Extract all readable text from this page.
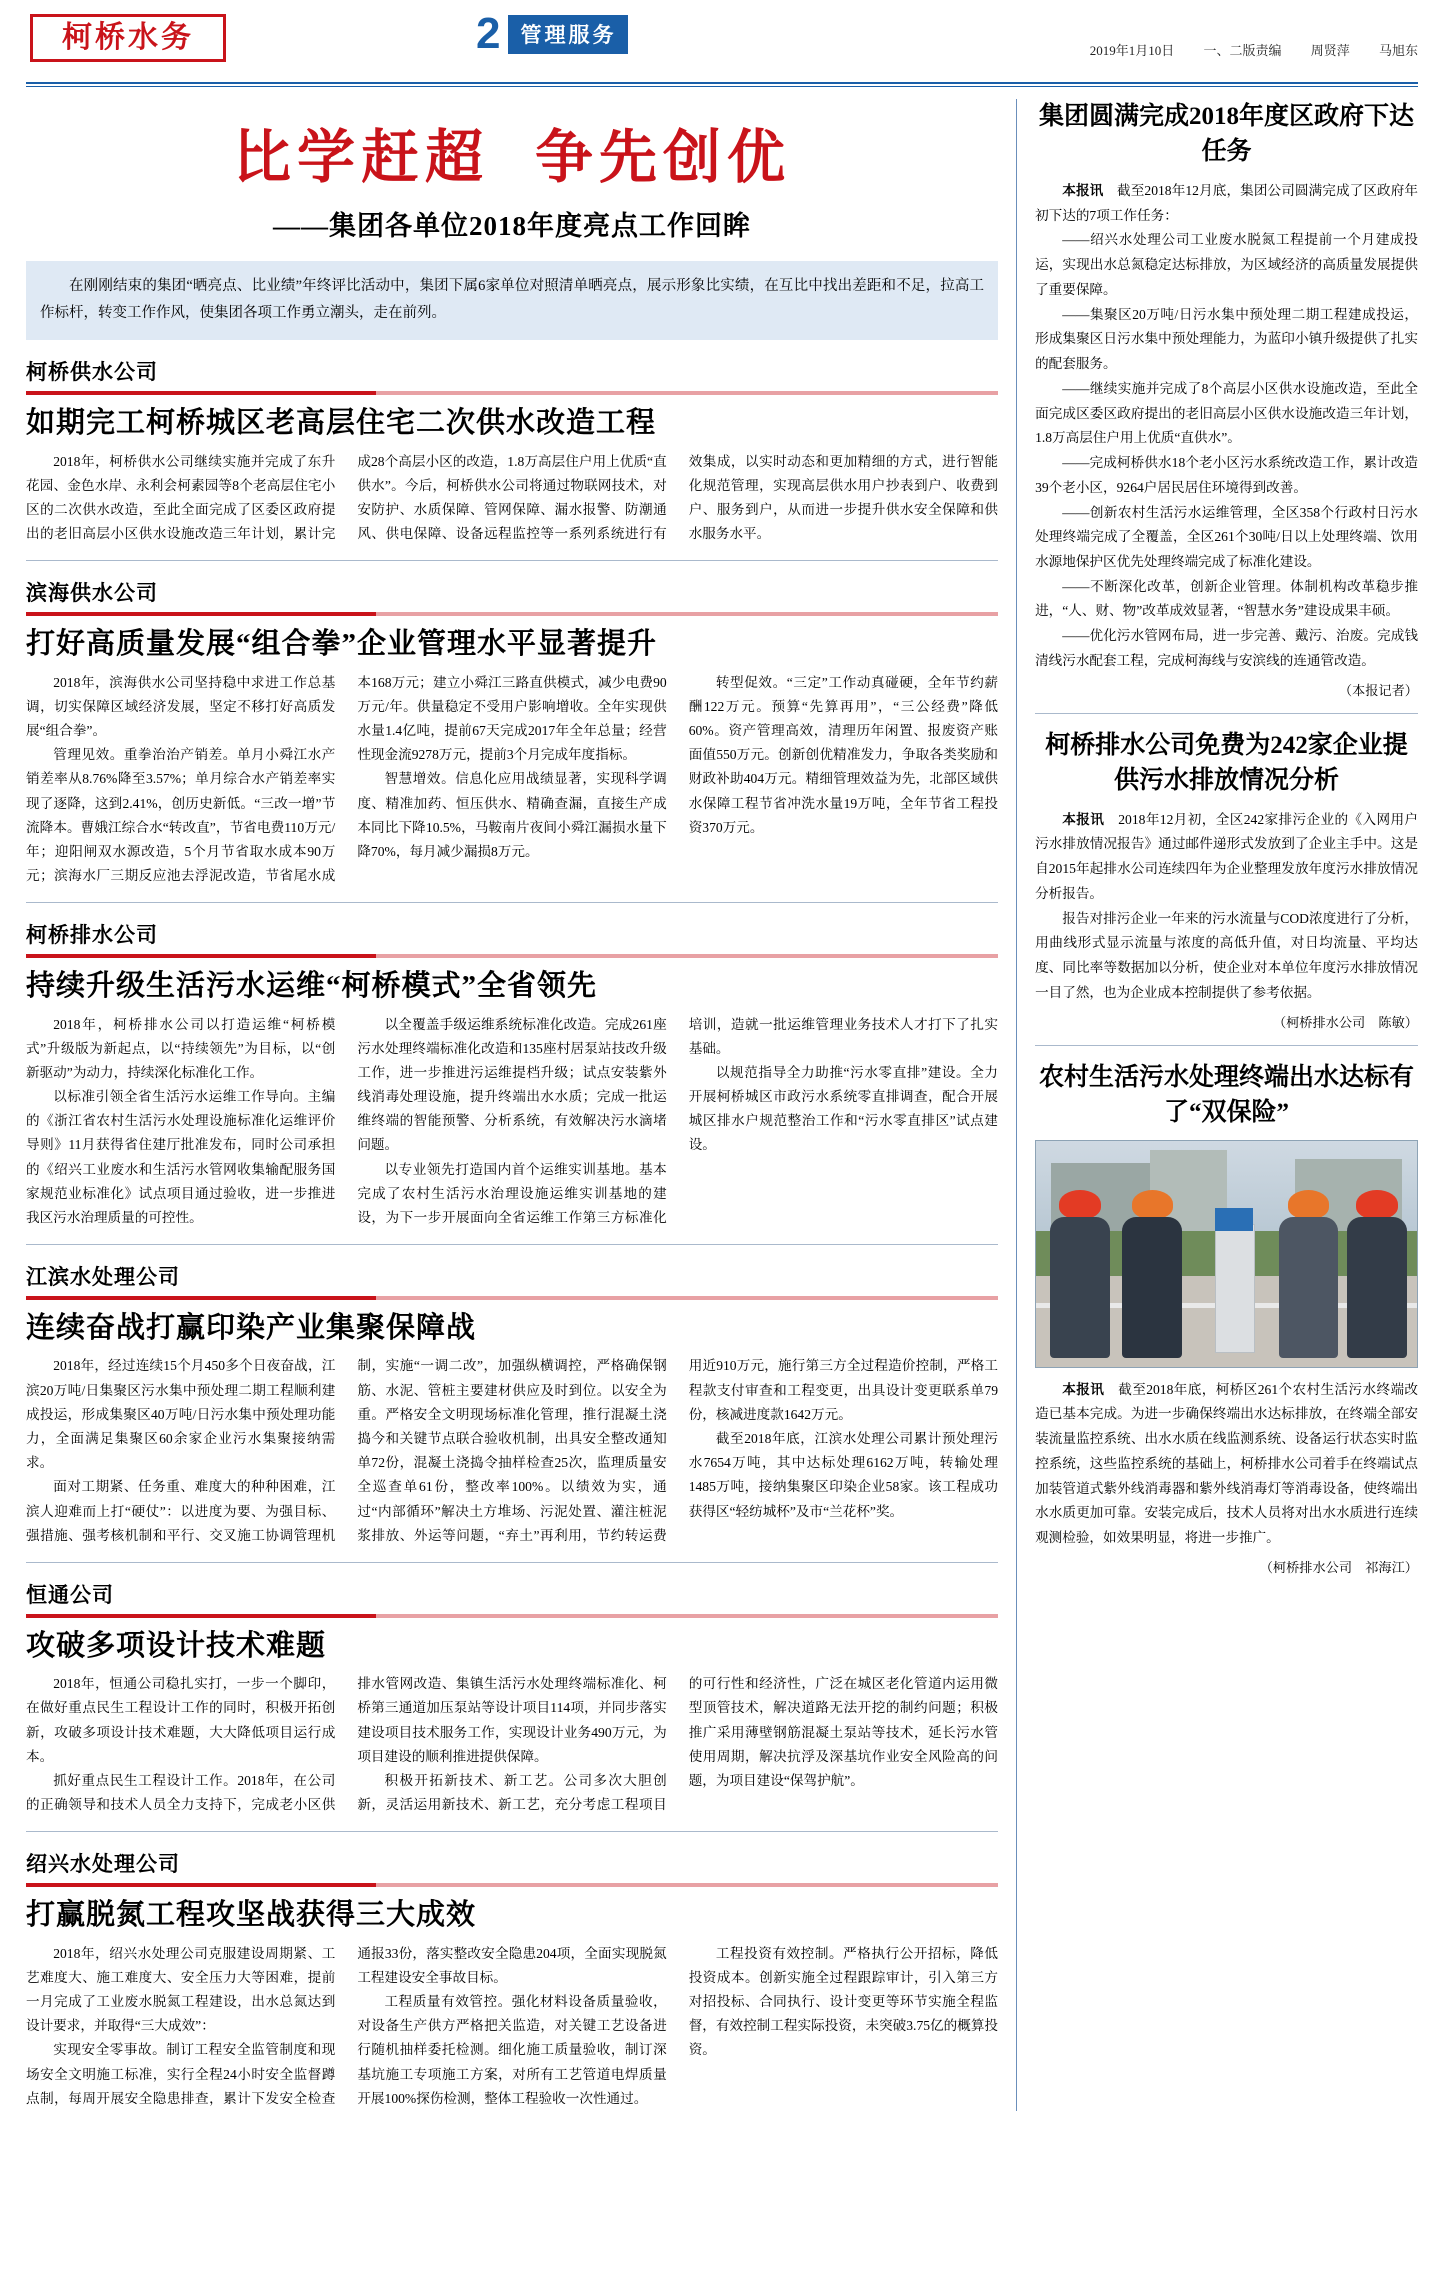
柯桥水务	2 管理服务
2019年1月10日 一、二版责编 周贤萍 马旭东
比学赶超 争先创优
——集团各单位2018年度亮点工作回眸
在刚刚结束的集团“晒亮点、比业绩”年终评比活动中，集团下属6家单位对照清单晒亮点，展示形象比实绩，在互比中找出差距和不足，拉高工作标杆，转变工作作风，使集团各项工作勇立潮头，走在前列。
柯桥供水公司
如期完工柯桥城区老高层住宅二次供水改造工程

2018年，柯桥供水公司继续实施并完成了东升花园、金色水岸、永利会柯素园等8个老高层住宅小区的二次供水改造，至此全面完成了区委区政府提出的老旧高层小区供水设施改造三年计划，累计完成28个高层小区的改造，1.8万高层住户用上优质“直供水”。今后，柯桥供水公司将通过物联网技术，对安防护、水质保障、管网保障、漏水报警、防潮通风、供电保障、设备远程监控等一系列系统进行有效集成，以实时动态和更加精细的方式，进行智能化规范管理，实现高层供水用户抄表到户、收费到户、服务到户，从而进一步提升供水安全保障和供水服务水平。

滨海供水公司
打好高质量发展“组合拳”企业管理水平显著提升

2018年，滨海供水公司坚持稳中求进工作总基调，切实保障区域经济发展，坚定不移打好高质发展“组合拳”。

管理见效。重拳治治产销差。单月小舜江水产销差率从8.76%降至3.57%；单月综合水产销差率实现了逐降，这到2.41%，创历史新低。“三改一增”节流降本。曹娥江综合水“转改直”，节省电费110万元/年；迎阳闸双水源改造，5个月节省取水成本90万元；滨海水厂三期反应池去浮泥改造，节省尾水成本168万元；建立小舜江三路直供模式，减少电费90万元/年。供量稳定不受用户影响增收。全年实现供水量1.4亿吨，提前67天完成2017年全年总量；经营性现金流9278万元，提前3个月完成年度指标。

智慧增效。信息化应用战绩显著，实现科学调度、精准加药、恒压供水、精确查漏，直接生产成本同比下降10.5%，马鞍南片夜间小舜江漏损水量下降70%，每月减少漏损8万元。

转型促效。“三定”工作动真碰硬，全年节约薪酬122万元。预算“先算再用”，“三公经费”降低60%。资产管理高效，清理历年闲置、报废资产账面值550万元。创新创优精准发力，争取各类奖励和财政补助404万元。精细管理效益为先，北部区域供水保障工程节省冲洗水量19万吨，全年节省工程投资370万元。

柯桥排水公司
持续升级生活污水运维“柯桥模式”全省领先

2018年，柯桥排水公司以打造运维“柯桥模式”升级版为新起点，以“持续领先”为目标，以“创新驱动”为动力，持续深化标准化工作。

以标准引领全省生活污水运维工作导向。主编的《浙江省农村生活污水处理设施标准化运维评价导则》11月获得省住建厅批准发布，同时公司承担的《绍兴工业废水和生活污水管网收集输配服务国家规范业标准化》试点项目通过验收，进一步推进我区污水治理质量的可控性。

以全覆盖手级运维系统标准化改造。完成261座污水处理终端标准化改造和135座村居泵站技改升级工作，进一步推进污运维提档升级；试点安装紫外线消毒处理设施，提升终端出水水质；完成一批运维终端的智能预警、分析系统，有效解决污水滴堵问题。

以专业领先打造国内首个运维实训基地。基本完成了农村生活污水治理设施运维实训基地的建设，为下一步开展面向全省运维工作第三方标准化培训，造就一批运维管理业务技术人才打下了扎实基础。

以规范指导全力助推“污水零直排”建设。全力开展柯桥城区市政污水系统零直排调查，配合开展城区排水户规范整治工作和“污水零直排区”试点建设。

江滨水处理公司
连续奋战打赢印染产业集聚保障战

2018年，经过连续15个月450多个日夜奋战，江滨20万吨/日集聚区污水集中预处理二期工程顺利建成投运，形成集聚区40万吨/日污水集中预处理功能力，全面满足集聚区60余家企业污水集聚接纳需求。

面对工期紧、任务重、难度大的种种困难，江滨人迎难而上打“硬仗”：以进度为要、为强目标、强措施、强考核机制和平行、交叉施工协调管理机制，实施“一调二改”，加强纵横调控，严格确保钢筋、水泥、管桩主要建材供应及时到位。以安全为重。严格安全文明现场标准化管理，推行混凝土浇捣今和关键节点联合验收机制，出具安全整改通知单72份，混凝土浇捣令抽样检查25次，监理质量安全巡查单61份，整改率100%。以绩效为实，通过“内部循环”解决土方堆场、污泥处置、灌注桩泥浆排放、外运等问题，“弃土”再利用，节约转运费用近910万元，施行第三方全过程造价控制，严格工程款支付审查和工程变更，出具设计变更联系单79份，核减进度款1642万元。

截至2018年底，江滨水处理公司累计预处理污水7654万吨，其中达标处理6162万吨，转输处理1485万吨，接纳集聚区印染企业58家。该工程成功获得区“轻纺城杯”及市“兰花杯”奖。

恒通公司
攻破多项设计技术难题

2018年，恒通公司稳扎实打，一步一个脚印，在做好重点民生工程设计工作的同时，积极开拓创新，攻破多项设计技术难题，大大降低项目运行成本。

抓好重点民生工程设计工作。2018年，在公司的正确领导和技术人员全力支持下，完成老小区供排水管网改造、集镇生活污水处理终端标准化、柯桥第三通道加压泵站等设计项目114项，并同步落实建设项目技术服务工作，实现设计业务490万元，为项目建设的顺利推进提供保障。

积极开拓新技术、新工艺。公司多次大胆创新，灵活运用新技术、新工艺，充分考虑工程项目的可行性和经济性，广泛在城区老化管道内运用微型顶管技术，解决道路无法开挖的制约问题；积极推广采用薄壁钢筋混凝土泵站等技术，延长污水管使用周期，解决抗浮及深基坑作业安全风险高的问题，为项目建设“保驾护航”。

绍兴水处理公司
打赢脱氮工程攻坚战获得三大成效

2018年，绍兴水处理公司克服建设周期紧、工艺难度大、施工难度大、安全压力大等困难，提前一月完成了工业废水脱氮工程建设，出水总氮达到设计要求，并取得“三大成效”：

实现安全零事故。制订工程安全监管制度和现场安全文明施工标准，实行全程24小时安全监督蹲点制，每周开展安全隐患排查，累计下发安全检查通报33份，落实整改安全隐患204项，全面实现脱氮工程建设安全事故目标。

工程质量有效管控。强化材料设备质量验收，对设备生产供方严格把关监造，对关键工艺设备进行随机抽样委托检测。细化施工质量验收，制订深基坑施工专项施工方案，对所有工艺管道电焊质量开展100%探伤检测，整体工程验收一次性通过。

工程投资有效控制。严格执行公开招标，降低投资成本。创新实施全过程跟踪审计，引入第三方对招投标、合同执行、设计变更等环节实施全程监督，有效控制工程实际投资，未突破3.75亿的概算投资。

集团圆满完成2018年度区政府下达任务

本报讯　 截至2018年12月底，集团公司圆满完成了区政府年初下达的7项工作任务：

——绍兴水处理公司工业废水脱氮工程提前一个月建成投运，实现出水总氮稳定达标排放，为区域经济的高质量发展提供了重要保障。

——集聚区20万吨/日污水集中预处理二期工程建成投运，形成集聚区日污水集中预处理能力，为蓝印小镇升级提供了扎实的配套服务。

——继续实施并完成了8个高层小区供水设施改造，至此全面完成区委区政府提出的老旧高层小区供水设施改造三年计划，1.8万高层住户用上优质“直供水”。

——完成柯桥供水18个老小区污水系统改造工作，累计改造39个老小区，9264户居民居住环境得到改善。

——创新农村生活污水运维管理，全区358个行政村日污水处理终端完成了全覆盖，全区261个30吨/日以上处理终端、饮用水源地保护区优先处理终端完成了标准化建设。

——不断深化改革，创新企业管理。体制机构改革稳步推进，“人、财、物”改革成效显著，“智慧水务”建设成果丰硕。

——优化污水管网布局，进一步完善、戴污、治废。完成钱清线污水配套工程，完成柯海线与安滨线的连通管改造。

（本报记者）
柯桥排水公司免费为242家企业提供污水排放情况分析

本报讯　 2018年12月初，全区242家排污企业的《入网用户污水排放情况报告》通过邮件递形式发放到了企业主手中。这是自2015年起排水公司连续四年为企业整理发放年度污水排放情况分析报告。

报告对排污企业一年来的污水流量与COD浓度进行了分析，用曲线形式显示流量与浓度的高低升值，对日均流量、平均达度、同比率等数据加以分析，使企业对本单位年度污水排放情况一目了然，也为企业成本控制提供了参考依据。

（柯桥排水公司　陈敏）
农村生活污水处理终端出水达标有了“双保险”

本报讯　 截至2018年底，柯桥区261个农村生活污水终端改造已基本完成。为进一步确保终端出水达标排放，在终端全部安装流量监控系统、出水水质在线监测系统、设备运行状态实时监控系统，这些监控系统的基础上，柯桥排水公司着手在终端试点加装管道式紫外线消毒器和紫外线消毒灯等消毒设备，使终端出水水质更加可靠。安装完成后，技术人员将对出水水质进行连续观测检验，如效果明显，将进一步推广。

（柯桥排水公司　祁海江）
